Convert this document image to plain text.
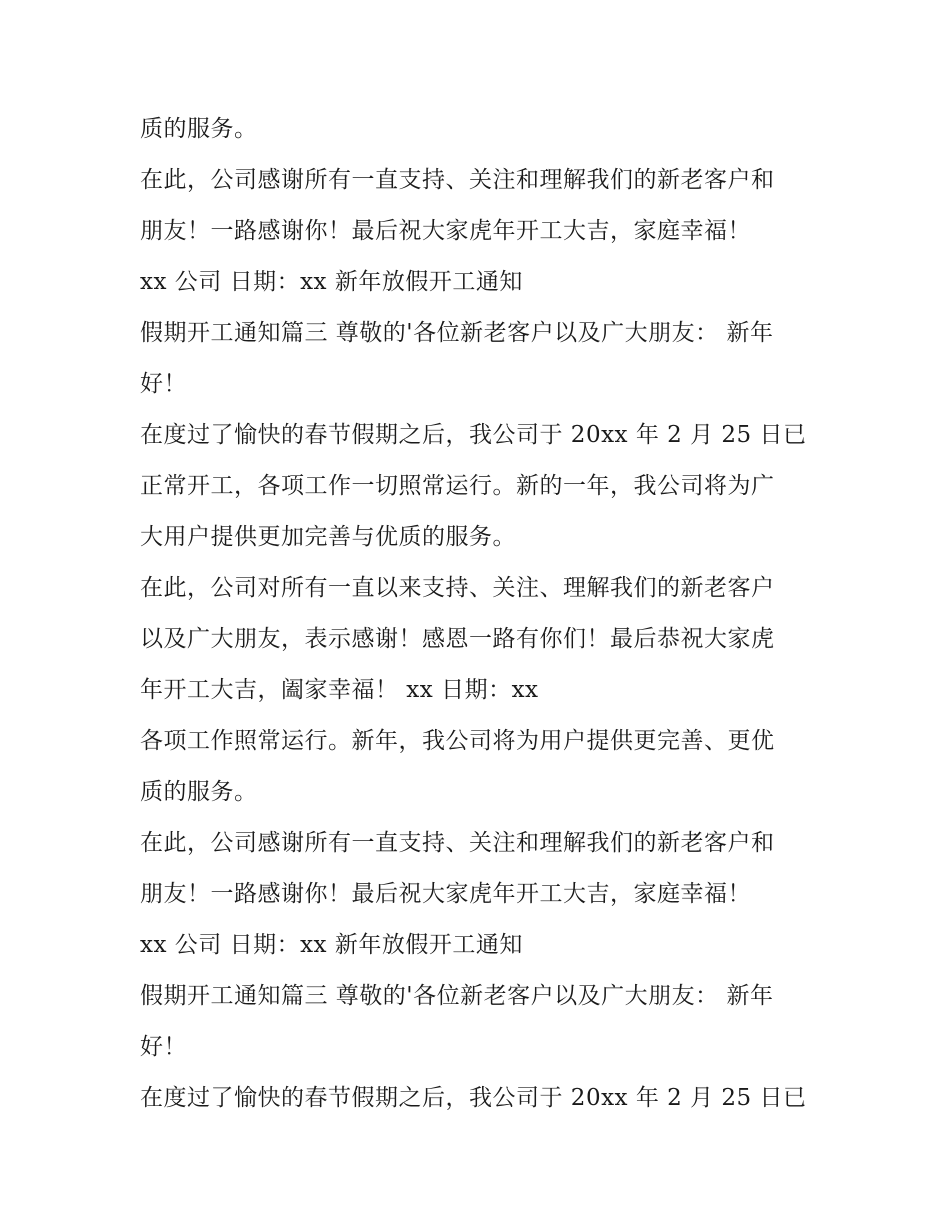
质的服务。
在此，公司感谢所有一直支持、关注和理解我们的新老客户和
朋友！一路感谢你！最后祝大家虎年开工大吉，家庭幸福！
xx 公司 日期：xx 新年放假开工通知
假期开工通知篇三 尊敬的'各位新老客户以及广大朋友： 新年
好！
在度过了愉快的春节假期之后，我公司于 20xx 年 2 月 25 日已
正常开工，各项工作一切照常运行。新的一年，我公司将为广
大用户提供更加完善与优质的服务。
在此，公司对所有一直以来支持、关注、理解我们的新老客户
以及广大朋友，表示感谢！感恩一路有你们！最后恭祝大家虎
年开工大吉，阖家幸福！ xx 日期：xx
各项工作照常运行。新年，我公司将为用户提供更完善、更优
质的服务。
在此，公司感谢所有一直支持、关注和理解我们的新老客户和
朋友！一路感谢你！最后祝大家虎年开工大吉，家庭幸福！
xx 公司 日期：xx 新年放假开工通知
假期开工通知篇三 尊敬的'各位新老客户以及广大朋友： 新年
好！
在度过了愉快的春节假期之后，我公司于 20xx 年 2 月 25 日已
